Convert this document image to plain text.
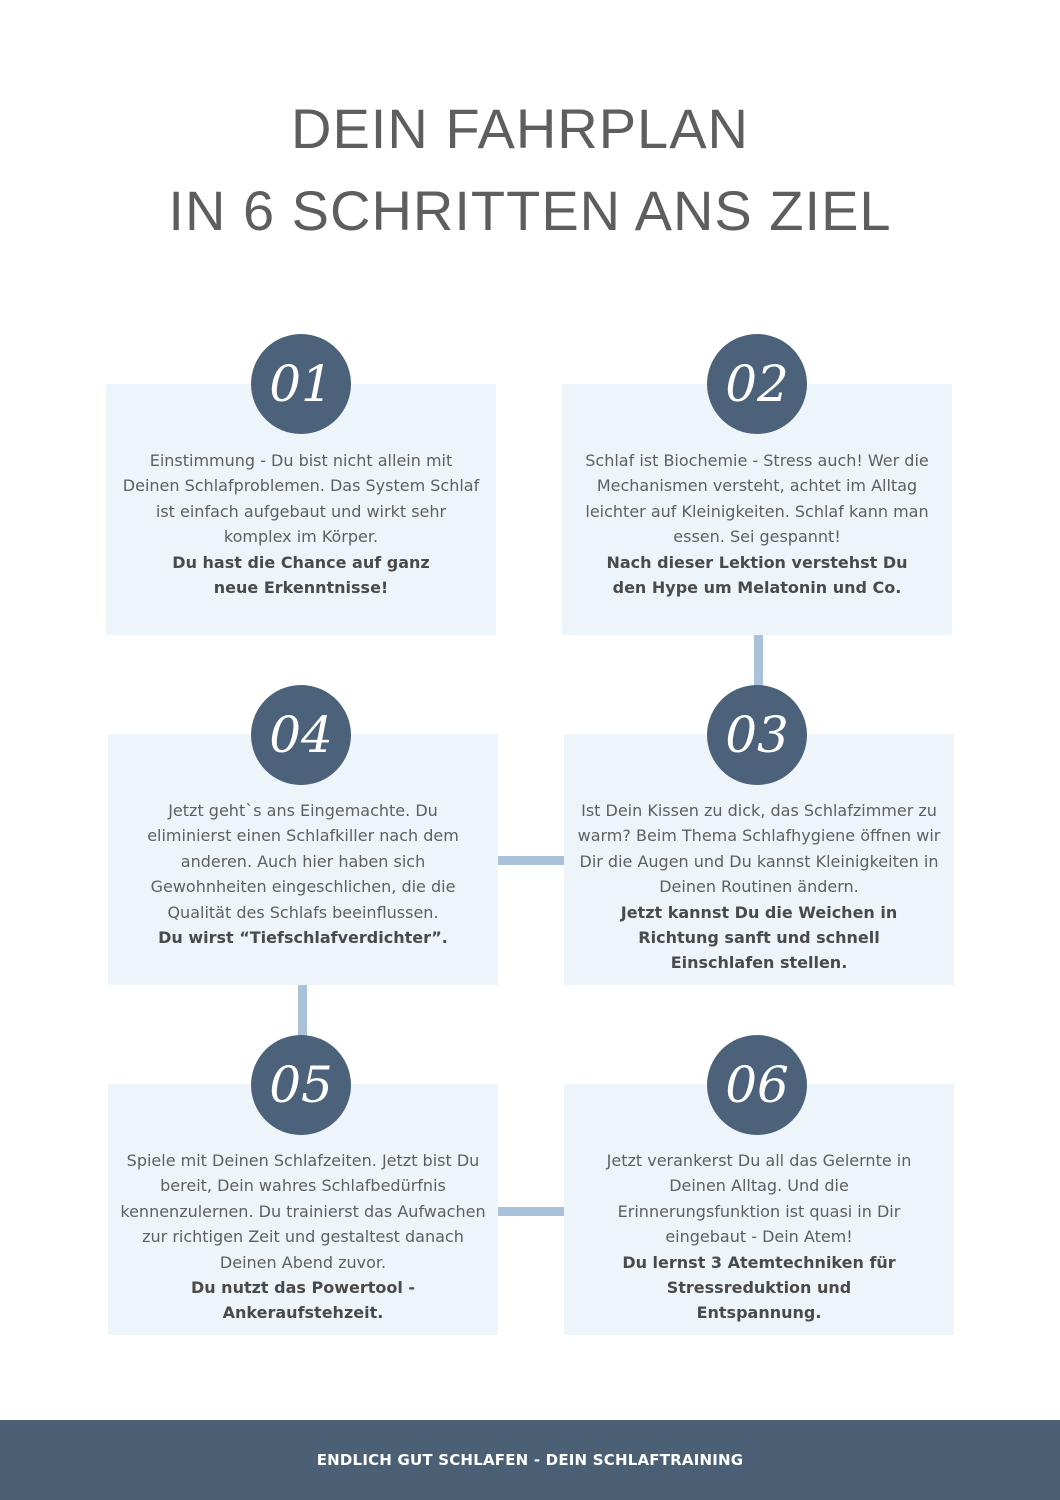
DEIN FAHRPLAN
IN 6 SCHRITTEN ANS ZIEL
Einstimmung - Du bist nicht allein mit Deinen Schlafproblemen. Das System Schlaf ist einfach aufgebaut und wirkt sehr komplex im Körper.
Du hast die Chance auf ganz neue Erkenntnisse!
01
Schlaf ist Biochemie - Stress auch! Wer die Mechanismen versteht, achtet im Alltag leichter auf Kleinigkeiten. Schlaf kann man essen. Sei gespannt!
Nach dieser Lektion verstehst Du den Hype um Melatonin und Co.
02
Jetzt geht`s ans Eingemachte. Du eliminierst einen Schlafkiller nach dem anderen. Auch hier haben sich Gewohnheiten eingeschlichen, die die Qualität des Schlafs beeinflussen.
Du wirst “Tiefschlafverdichter”.
04
Ist Dein Kissen zu dick, das Schlafzimmer zu warm? Beim Thema Schlafhygiene öffnen wir Dir die Augen und Du kannst Kleinigkeiten in Deinen Routinen ändern.
Jetzt kannst Du die Weichen in Richtung sanft und schnell Einschlafen stellen.
03
Spiele mit Deinen Schlafzeiten. Jetzt bist Du bereit, Dein wahres Schlafbedürfnis kennenzulernen. Du trainierst das Aufwachen zur richtigen Zeit und gestaltest danach Deinen Abend zuvor.
Du nutzt das Powertool - Ankeraufstehzeit.
05
Jetzt verankerst Du all das Gelernte in Deinen Alltag. Und die Erinnerungsfunktion ist quasi in Dir eingebaut - Dein Atem!
Du lernst 3 Atemtechniken für Stressreduktion und Entspannung.
06
ENDLICH GUT SCHLAFEN - DEIN SCHLAFTRAINING
